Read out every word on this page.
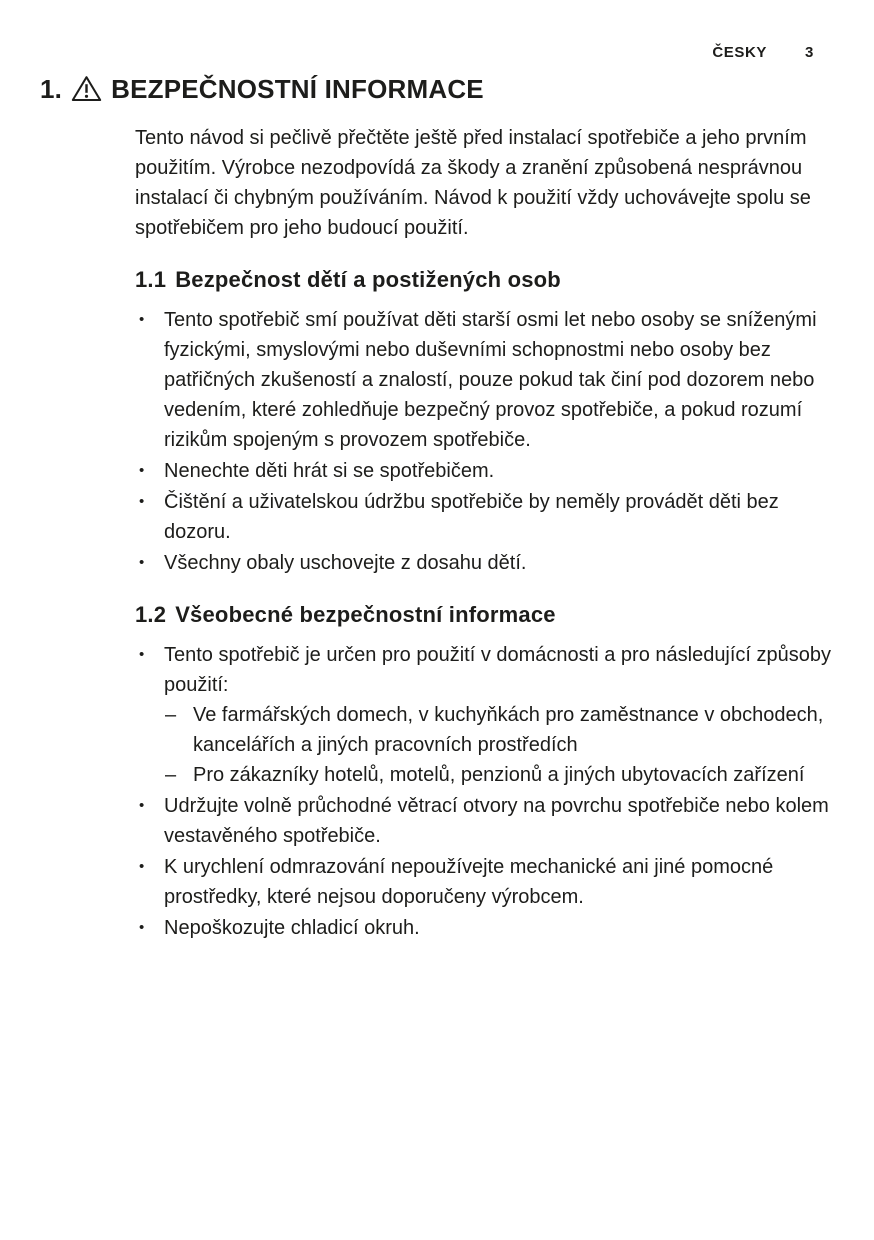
ČESKY	3
1. BEZPEČNOSTNÍ INFORMACE

Tento návod si pečlivě přečtěte ještě před instalací spotřebiče a jeho prvním použitím. Výrobce nezodpovídá za škody a zranění způsobená nesprávnou instalací či chybným používáním. Návod k použití vždy uchovávejte spolu se spotřebičem pro jeho budoucí použití.

1.1 Bezpečnost dětí a postižených osob
• Tento spotřebič smí používat děti starší osmi let nebo osoby se sníženými fyzickými, smyslovými nebo duševními schopnostmi nebo osoby bez patřičných zkušeností a znalostí, pouze pokud tak činí pod dozorem nebo vedením, které zohledňuje bezpečný provoz spotřebiče, a pokud rozumí rizikům spojeným s provozem spotřebiče.
• Nenechte děti hrát si se spotřebičem.
• Čištění a uživatelskou údržbu spotřebiče by neměly provádět děti bez dozoru.
• Všechny obaly uschovejte z dosahu dětí.
1.2 Všeobecné bezpečnostní informace
• Tento spotřebič je určen pro použití v domácnosti a pro následující způsoby použití:
– Ve farmářských domech, v kuchyňkách pro zaměstnance v obchodech, kancelářích a jiných pracovních prostředích
– Pro zákazníky hotelů, motelů, penzionů a jiných ubytovacích zařízení
• Udržujte volně průchodné větrací otvory na povrchu spotřebiče nebo kolem vestavěného spotřebiče.
• K urychlení odmrazování nepoužívejte mechanické ani jiné pomocné prostředky, které nejsou doporučeny výrobcem.
• Nepoškozujte chladicí okruh.
